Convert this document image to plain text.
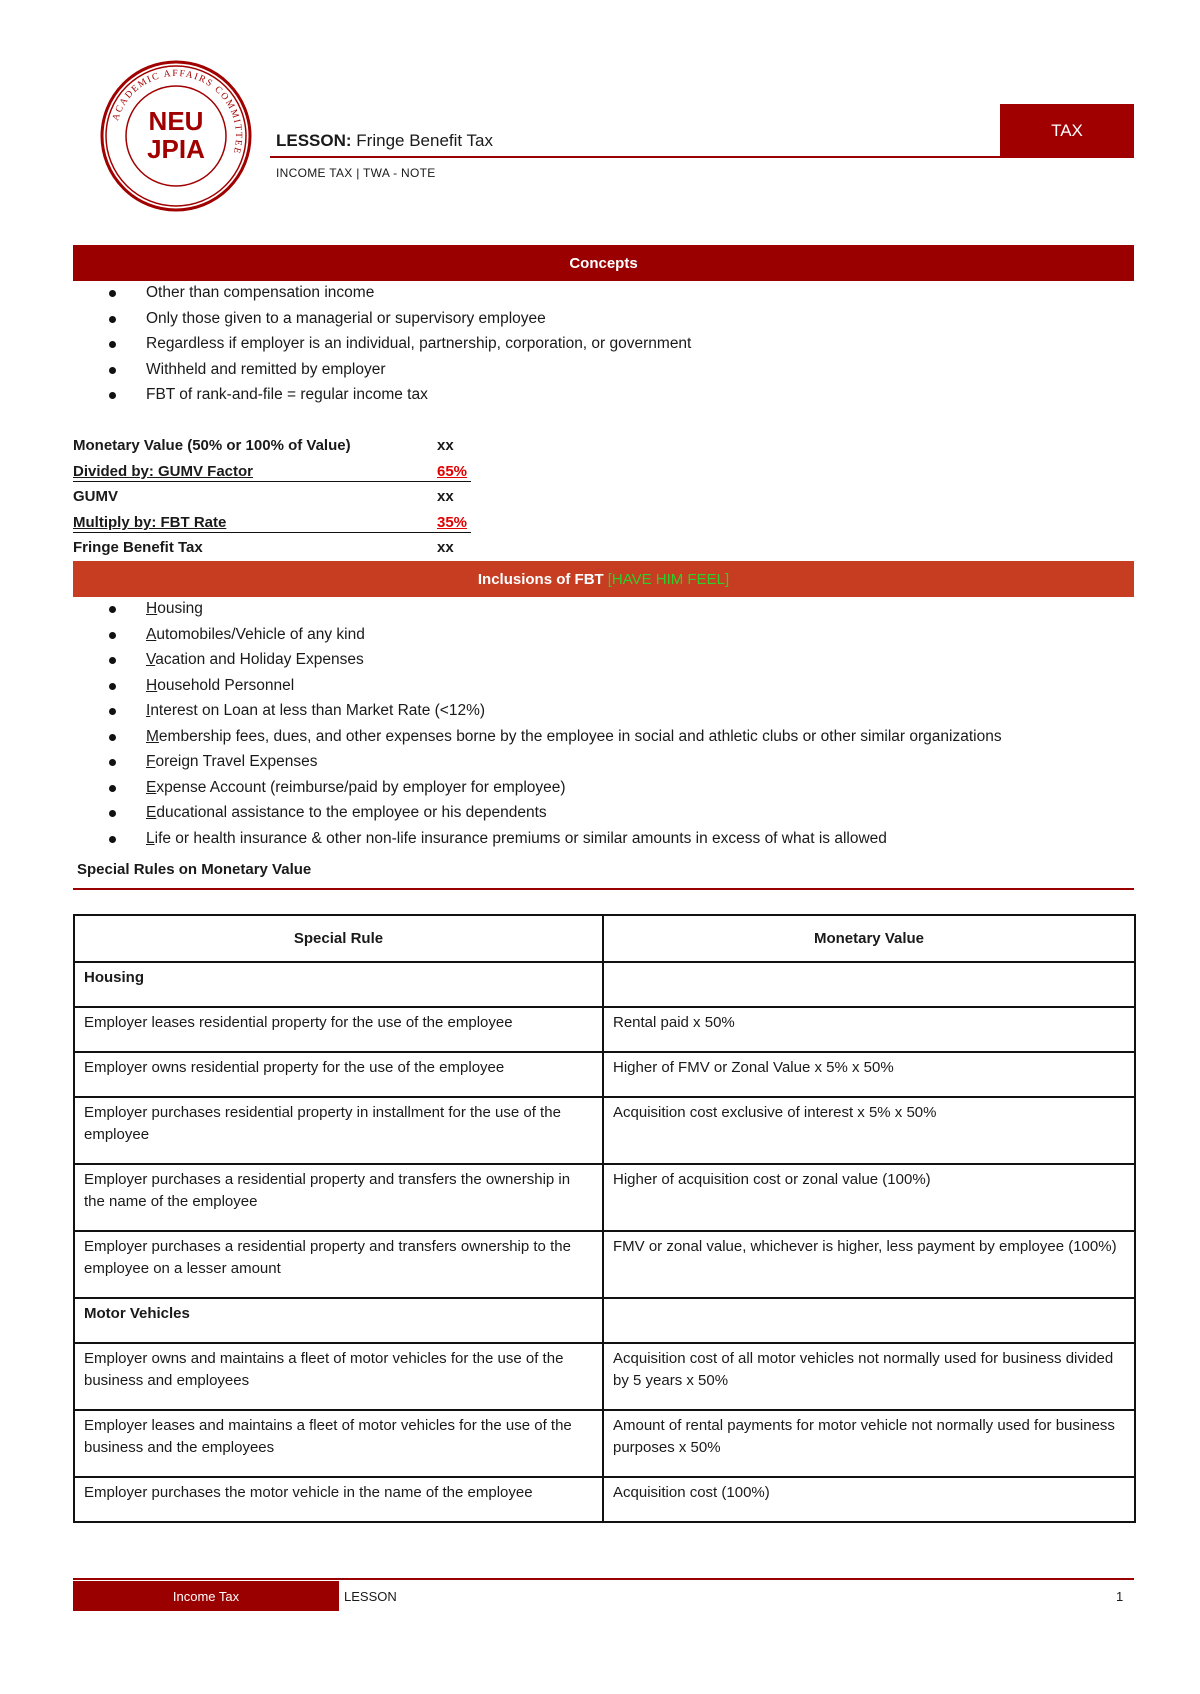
ACADEMIC AFFAIRS COMMITTEE
NEU
JPIA	LESSON: Fringe Benefit Tax
INCOME TAX | TWA - NOTE
TAX
Concepts
Other than compensation income
Only those given to a managerial or supervisory employee
Regardless if employer is an individual, partnership, corporation, or government
Withheld and remitted by employer
FBT of rank-and-file = regular income tax
Monetary Value (50% or 100% of Value)	xx
Divided by: GUMV Factor	65%
GUMV	xx
Multiply by: FBT Rate	35%
Fringe Benefit Tax	xx
Inclusions of FBT [HAVE HIM FEEL]
Housing
Automobiles/Vehicle of any kind
Vacation and Holiday Expenses
Household Personnel
Interest on Loan at less than Market Rate (<12%)
Membership fees, dues, and other expenses borne by the employee in social and athletic clubs or other similar organizations
Foreign Travel Expenses
Expense Account (reimburse/paid by employer for employee)
Educational assistance to the employee or his dependents
Life or health insurance & other non-life insurance premiums or similar amounts in excess of what is allowed
Special Rules on Monetary Value
Special Rule	Monetary Value
Housing	
Employer leases residential property for the use of the employee	Rental paid x 50%
Employer owns residential property for the use of the employee	Higher of FMV or Zonal Value x 5% x 50%
Employer purchases residential property in installment for the use of the employee	Acquisition cost exclusive of interest x 5% x 50%
Employer purchases a residential property and transfers the ownership in the name of the employee	Higher of acquisition cost or zonal value (100%)
Employer purchases a residential property and transfers ownership to the employee on a lesser amount	FMV or zonal value, whichever is higher, less payment by employee (100%)
Motor Vehicles	
Employer owns and maintains a fleet of motor vehicles for the use of the business and employees	Acquisition cost of all motor vehicles not normally used for business divided by 5 years x 50%
Employer leases and maintains a fleet of motor vehicles for the use of the business and the employees	Amount of rental payments for motor vehicle not normally used for business purposes x 50%
Employer purchases the motor vehicle in the name of the employee	Acquisition cost (100%)
Income Tax	LESSON	1
